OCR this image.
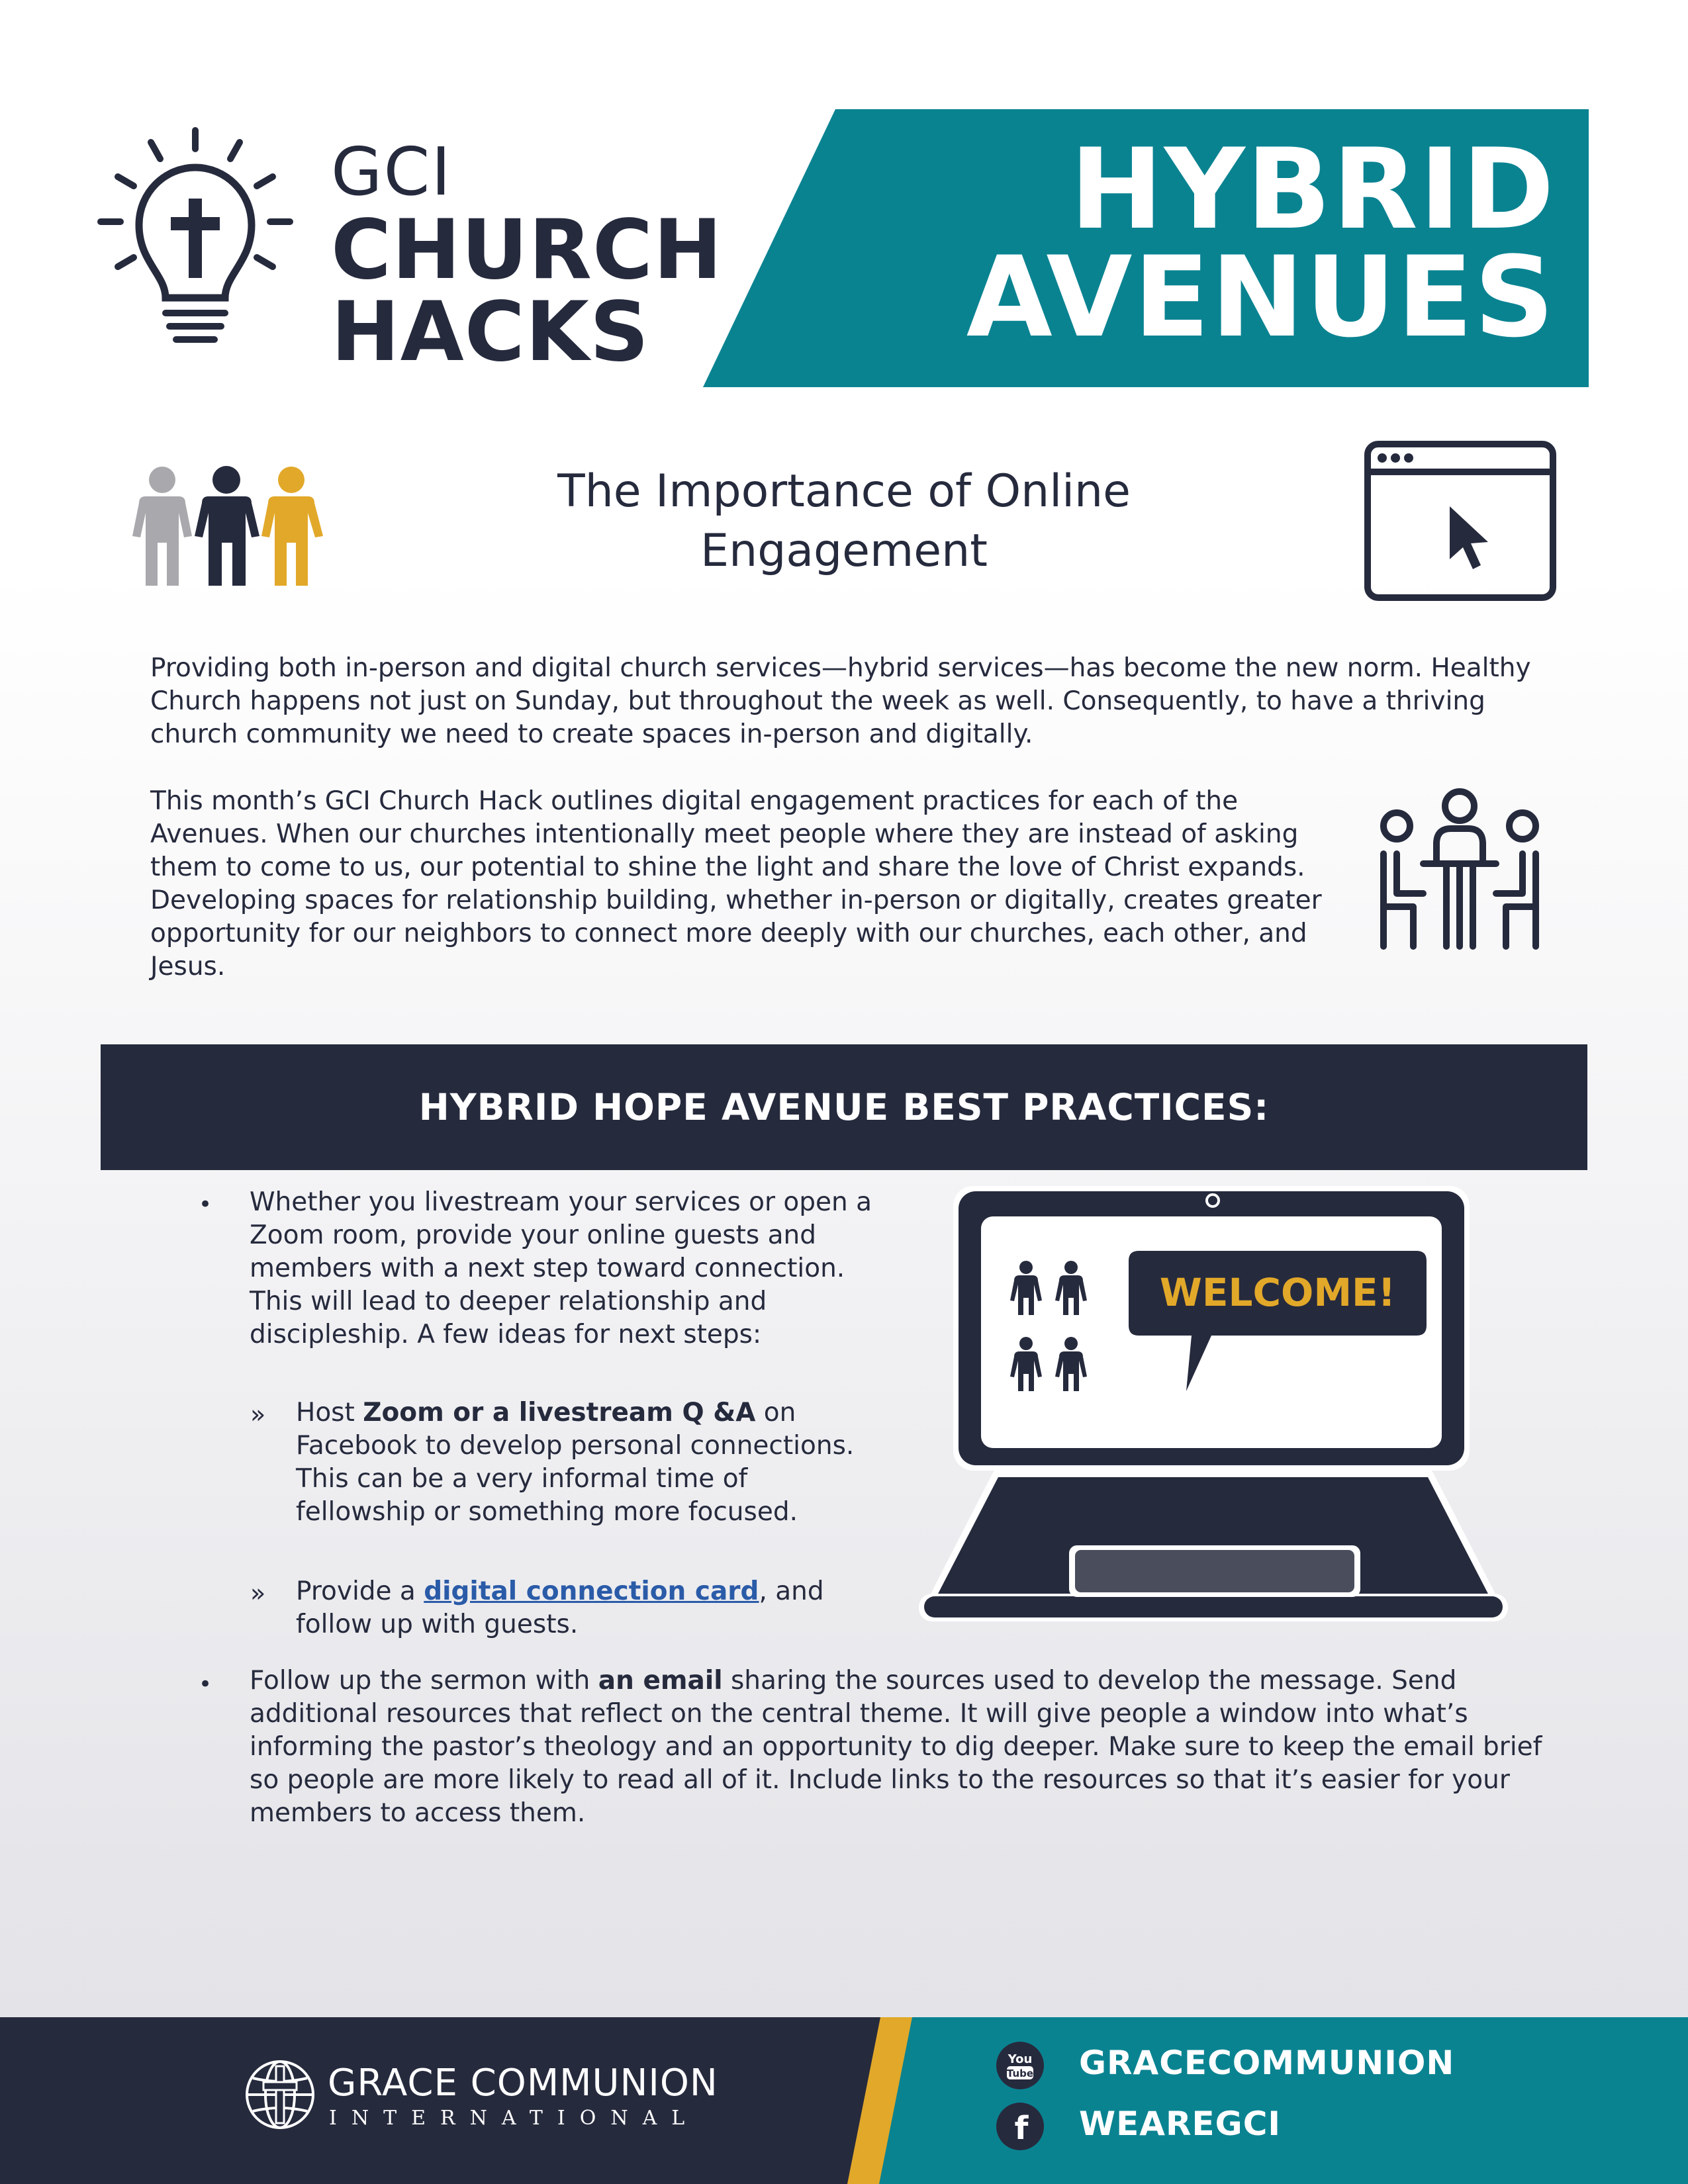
GCI
CHURCH
HACKS
HYBRID
AVENUES
The Importance of Online Engagement
Providing both in-person and digital church services—hybrid services—has become the new norm. Healthy Church happens not just on Sunday, but throughout the week as well. Consequently, to have a thriving church community we need to create spaces in-person and digitally.
This month’s GCI Church Hack outlines digital engagement practices for each of the Avenues. When our churches intentionally meet people where they are instead of asking them to come to us, our potential to shine the light and share the love of Christ expands. Developing spaces for relationship building, whether in-person or digitally, creates greater opportunity for our neighbors to connect more deeply with our churches, each other, and Jesus.
HYBRID HOPE AVENUE BEST PRACTICES:
• Whether you livestream your services or open a Zoom room, provide your online guests and members with a next step toward connection. This will lead to deeper relationship and discipleship. A few ideas for next steps:
» Host Zoom or a livestream Q &A on Facebook to develop personal connections. This can be a very informal time of fellowship or something more focused.
» Provide a digital connection card, and follow up with guests.
• Follow up the sermon with an email sharing the sources used to develop the message. Send additional resources that reflect on the central theme. It will give people a window into what’s informing the pastor’s theology and an opportunity to dig deeper. Make sure to keep the email brief so people are more likely to read all of it. Include links to the resources so that it’s easier for your members to access them.
WELCOME!
GRACE COMMUNION
INTERNATIONAL
You
Tube GRACECOMMUNION
f WEAREGCI
